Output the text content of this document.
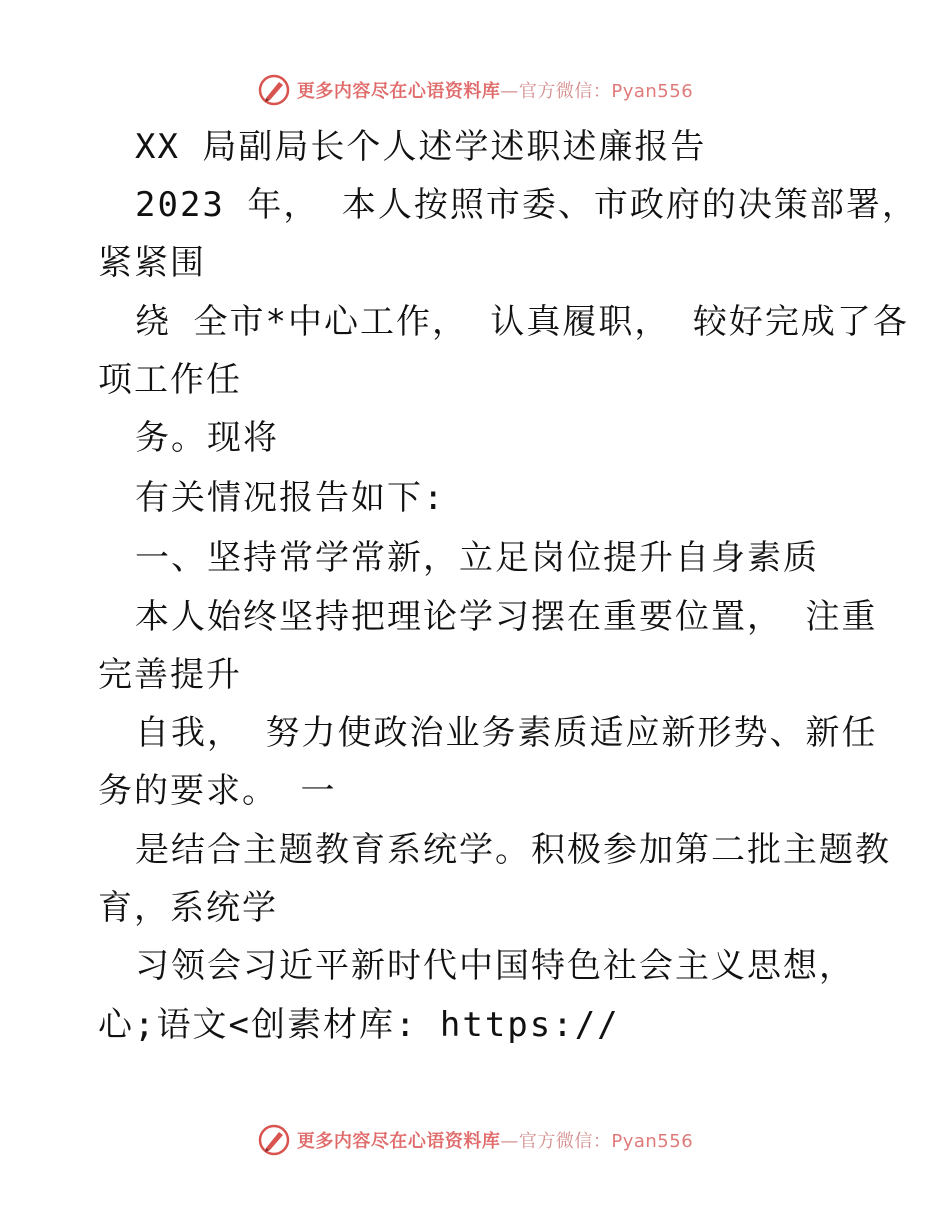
更多内容尽在心语资料库—官方微信：Pyan556
XX 局副局长个人述学述职述廉报告
2023 年， 本人按照市委、市政府的决策部署，
紧紧围
绕 全市*中心工作， 认真履职， 较好完成了各
项工作任
务。现将
有关情况报告如下:
一、坚持常学常新，立足岗位提升自身素质
本人始终坚持把理论学习摆在重要位置， 注重
完善提升
自我， 努力使政治业务素质适应新形势、新任
务的要求。 一
是结合主题教育系统学。积极参加第二批主题教
育，系统学
习领会习近平新时代中国特色社会主义思想，
心;语文<创素材库: https://
更多内容尽在心语资料库—官方微信：Pyan556
